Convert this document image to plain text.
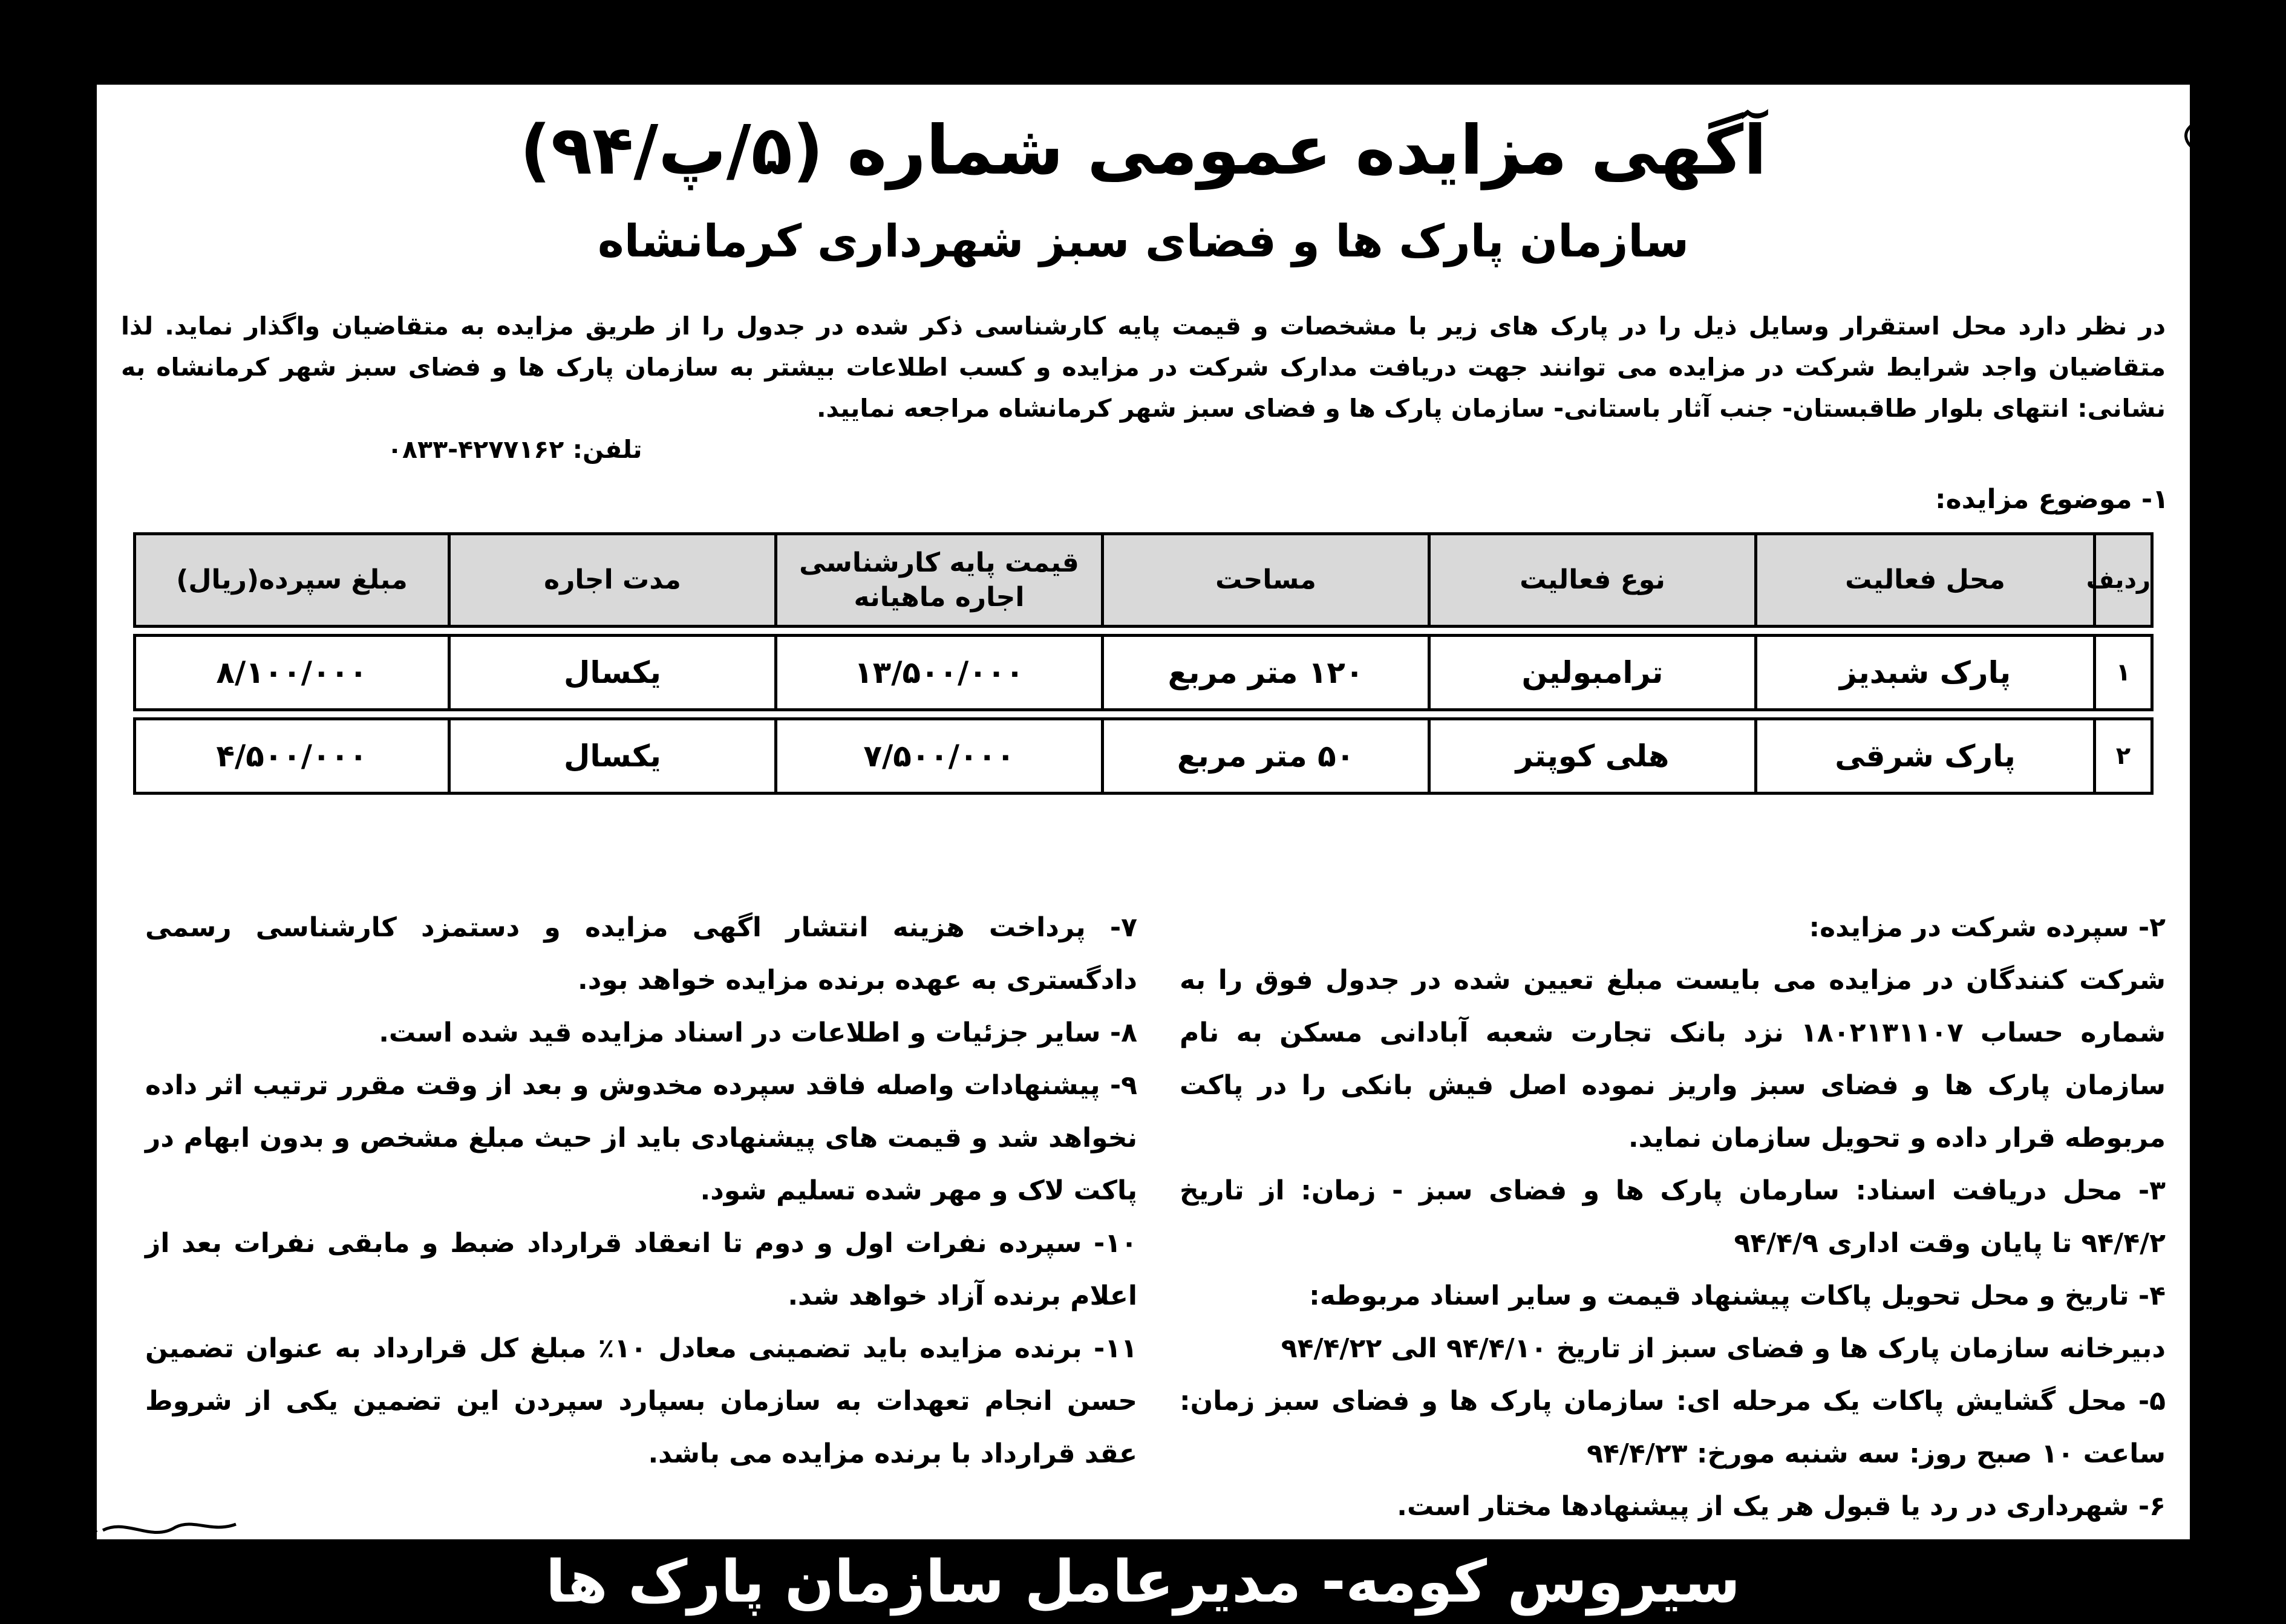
آگهی مزایده عمومی شماره (۵/پ/۹۴)
سازمان پارک ها و فضای سبز شهرداری کرمانشاه

در نظر دارد محل استقرار وسایل ذیل را در پارک های زیر با مشخصات و قیمت پایه کارشناسی ذکر شده در جدول را از طریق مزایده به متقاضیان واگذار نماید. لذا متقاضیان واجد شرایط شرکت در مزایده می توانند جهت دریافت مدارک شرکت در مزایده و کسب اطلاعات بیشتر به سازمان پارک ها و فضای سبز شهر کرمانشاه به نشانی: انتهای بلوار طاقبستان- جنب آثار باستانی- سازمان پارک ها و فضای سبز شهر کرمانشاه مراجعه نمایید.

تلفن: ۴۲۷۷۱۶۲-۰۸۳۳
۱- موضوع مزایده:
ردیف	محل فعالیت	نوع فعالیت	مساحت	قیمت پایه کارشناسی اجاره ماهیانه	مدت اجاره	مبلغ سپرده(ریال)
۱	پارک شبدیز	ترامبولین	۱۲۰ متر مربع	۱۳/۵۰۰/۰۰۰	یکسال	۸/۱۰۰/۰۰۰
۲	پارک شرقی	هلی کوپتر	۵۰ متر مربع	۷/۵۰۰/۰۰۰	یکسال	۴/۵۰۰/۰۰۰

۲- سپرده شرکت در مزایده:

شرکت کنندگان در مزایده می بایست مبلغ تعیین شده در جدول فوق را به شماره حساب ۱۸۰۲۱۳۱۱۰۷ نزد بانک تجارت شعبه آبادانی مسکن به نام سازمان پارک ها و فضای سبز واریز نموده اصل فیش بانکی را در پاکت مربوطه قرار داده و تحویل سازمان نماید.

۳- محل دریافت اسناد: سارمان پارک ها و فضای سبز - زمان: از تاریخ ۹۴/۴/۲ تا پایان وقت اداری ۹۴/۴/۹

۴- تاریخ و محل تحویل پاکات پیشنهاد قیمت و سایر اسناد مربوطه:

دبیرخانه سازمان پارک ها و فضای سبز از تاریخ ۹۴/۴/۱۰ الی ۹۴/۴/۲۲

۵- محل گشایش پاکات یک مرحله ای: سازمان پارک ها و فضای سبز زمان: ساعت ۱۰ صبح روز: سه شنبه مورخ: ۹۴/۴/۲۳

۶- شهرداری در رد یا قبول هر یک از پیشنهادها مختار است.

۷- پرداخت هزینه انتشار اگهی مزایده و دستمزد کارشناسی رسمی دادگستری به عهده برنده مزایده خواهد بود.

۸- سایر جزئیات و اطلاعات در اسناد مزایده قید شده است.

۹- پیشنهادات واصله فاقد سپرده مخدوش و بعد از وقت مقرر ترتیب اثر داده نخواهد شد و قیمت های پیشنهادی باید از حیث مبلغ مشخص و بدون ابهام در پاکت لاک و مهر شده تسلیم شود.

۱۰- سپرده نفرات اول و دوم تا انعقاد قرارداد ضبط و مابقی نفرات بعد از اعلام برنده آزاد خواهد شد.

۱۱- برنده مزایده باید تضمینی معادل ۱۰٪ مبلغ کل قرارداد به عنوان تضمین حسن انجام تعهدات به سازمان بسپارد سپردن این تضمین یکی از شروط عقد قرارداد با برنده مزایده می باشد.

سیروس کومه- مدیرعامل سازمان پارک ها
